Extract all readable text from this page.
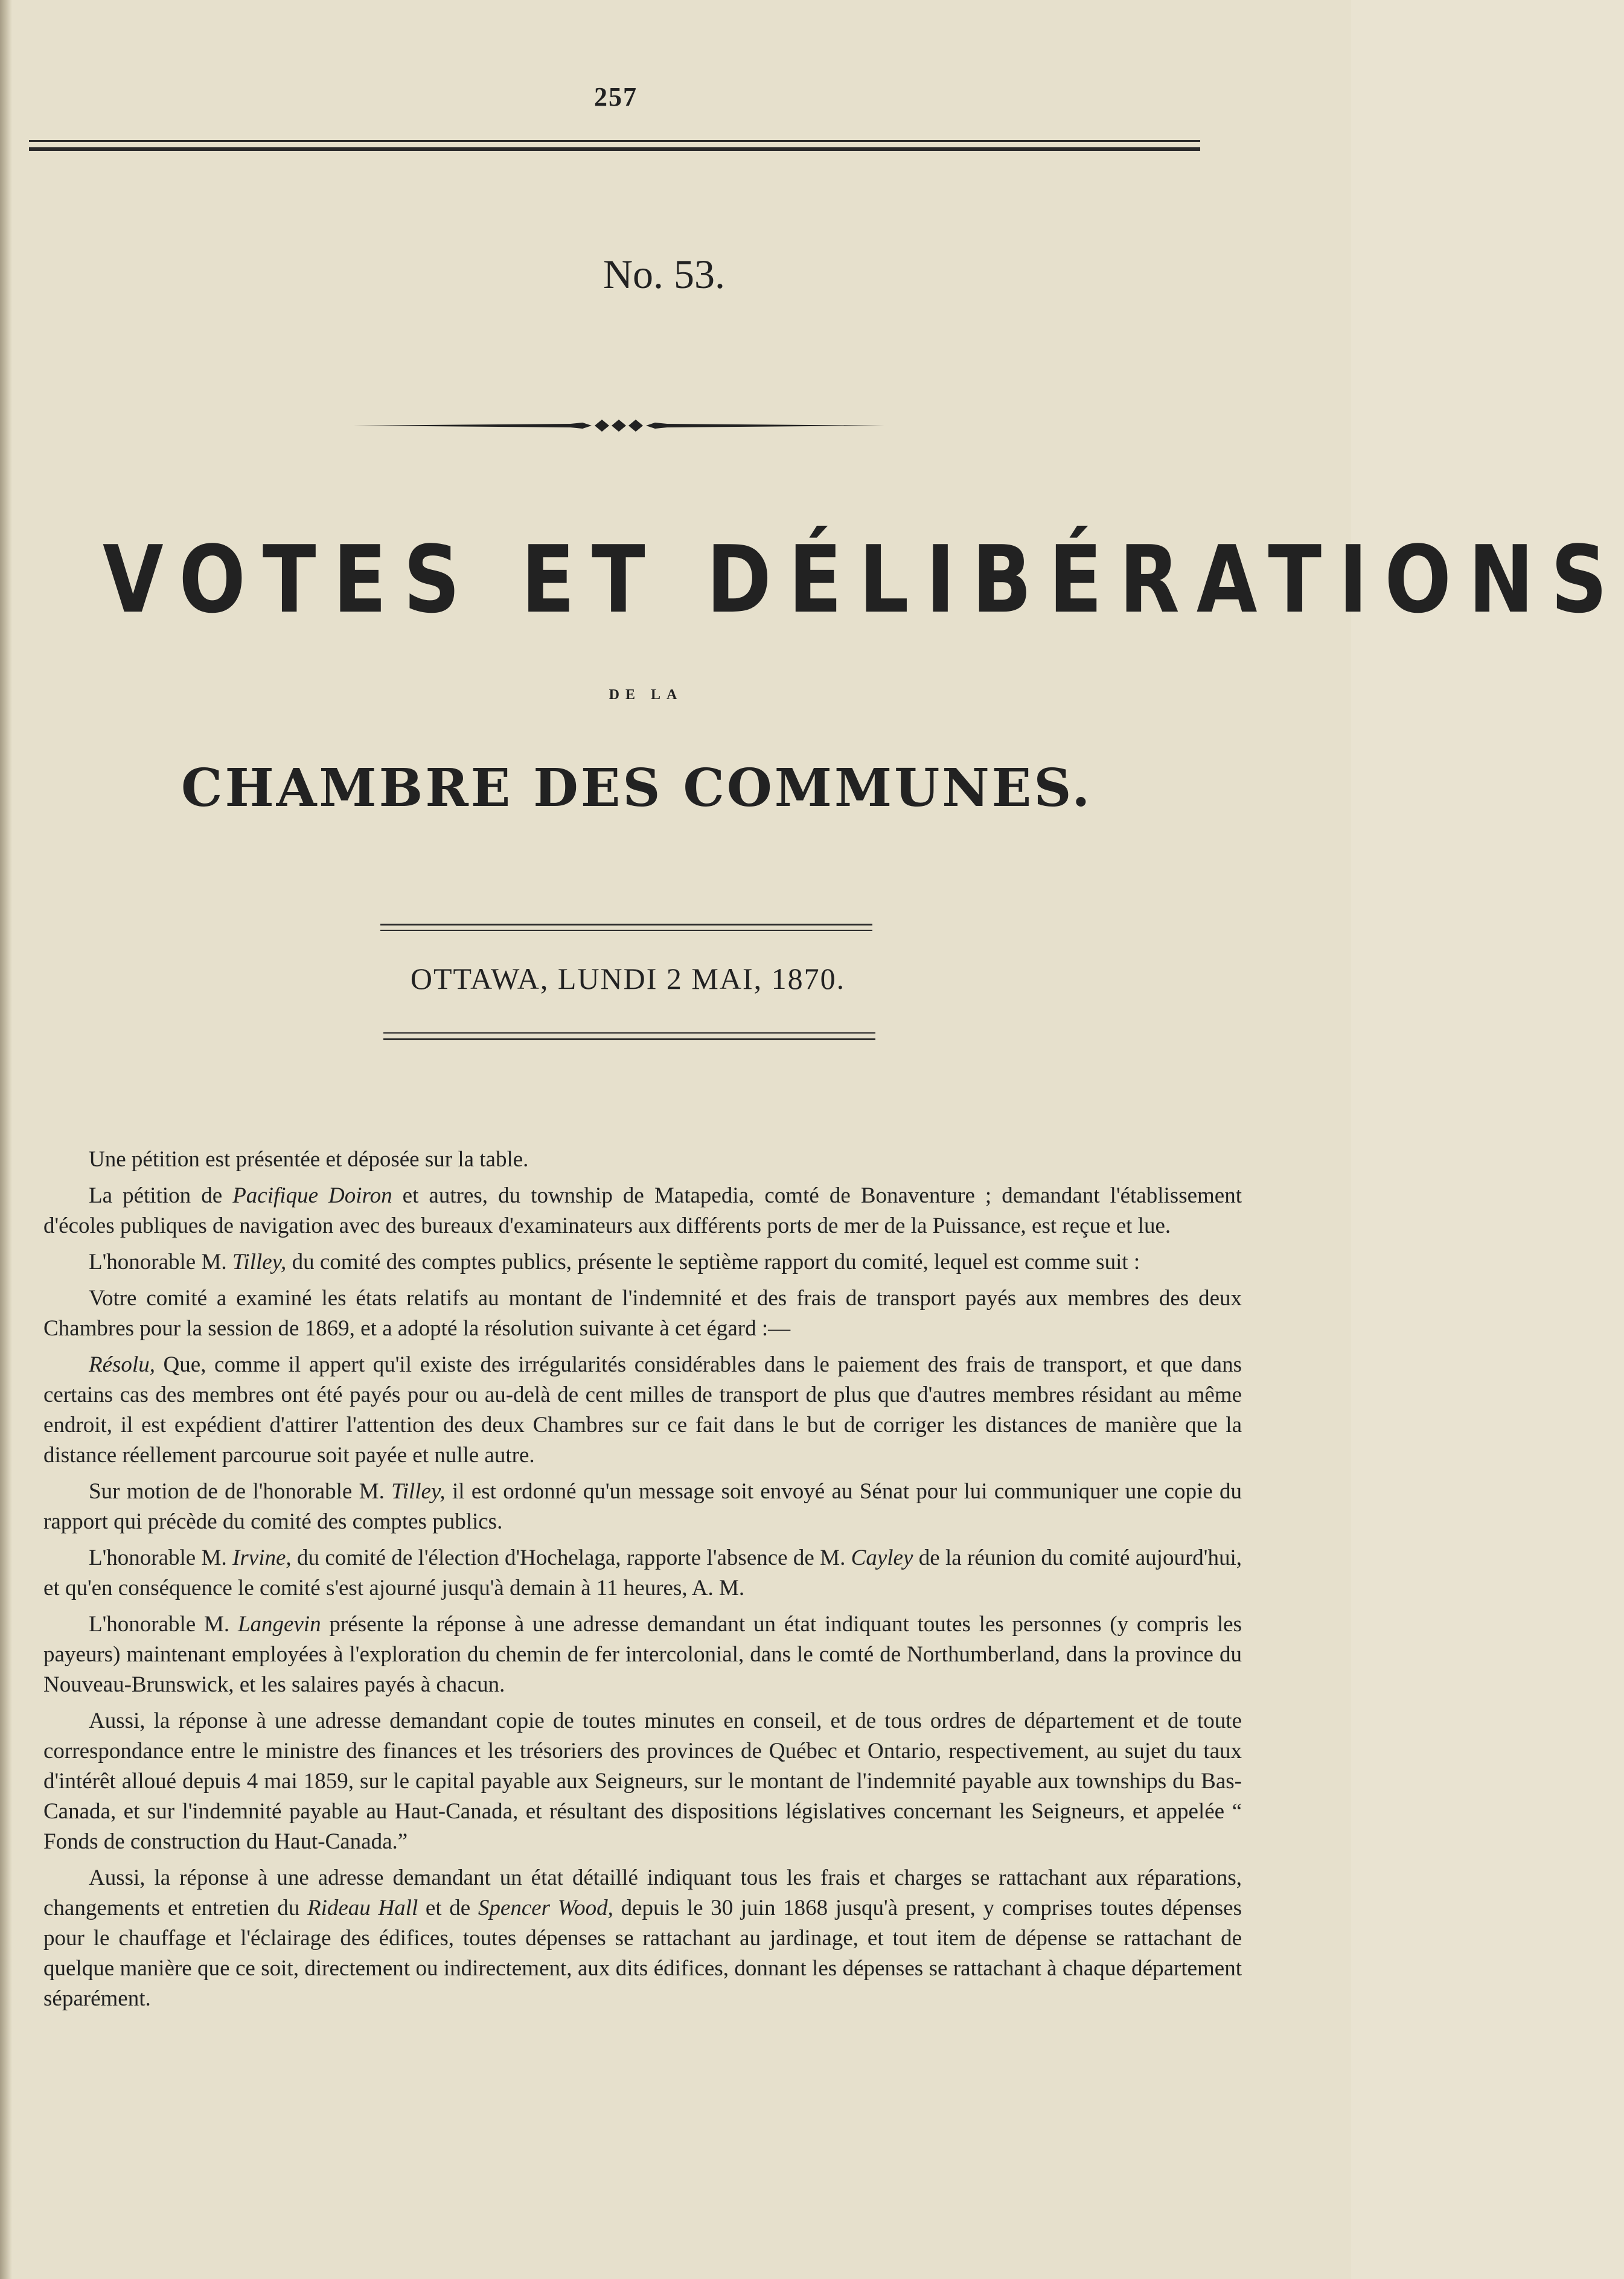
257
No. 53.
VOTES ET DÉLIBÉRATIONS
DE LA
CHAMBRE DES COMMUNES.
OTTAWA, LUNDI 2 MAI, 1870.

Une pétition est présentée et déposée sur la table.

La pétition de Pacifique Doiron et autres, du township de Matapedia, comté de Bonaventure ; demandant l'établissement d'écoles publiques de navigation avec des bureaux d'examinateurs aux différents ports de mer de la Puissance, est reçue et lue.

L'honorable M. Tilley, du comité des comptes publics, présente le septième rapport du comité, lequel est comme suit :

Votre comité a examiné les états relatifs au montant de l'indemnité et des frais de transport payés aux membres des deux Chambres pour la session de 1869, et a adopté la résolution suivante à cet égard :—

Résolu, Que, comme il appert qu'il existe des irrégularités considérables dans le paiement des frais de transport, et que dans certains cas des membres ont été payés pour ou au-delà de cent milles de transport de plus que d'autres membres résidant au même endroit, il est expédient d'attirer l'attention des deux Chambres sur ce fait dans le but de corriger les distances de manière que la distance réellement parcourue soit payée et nulle autre.

Sur motion de de l'honorable M. Tilley, il est ordonné qu'un message soit envoyé au Sénat pour lui communiquer une copie du rapport qui précède du comité des comptes publics.

L'honorable M. Irvine, du comité de l'élection d'Hochelaga, rapporte l'absence de M. Cayley de la réunion du comité aujourd'hui, et qu'en conséquence le comité s'est ajourné jusqu'à demain à 11 heures, A. M.

L'honorable M. Langevin présente la réponse à une adresse demandant un état indiquant toutes les personnes (y compris les payeurs) maintenant employées à l'exploration du chemin de fer intercolonial, dans le comté de Northumberland, dans la province du Nouveau-Brunswick, et les salaires payés à chacun.

Aussi, la réponse à une adresse demandant copie de toutes minutes en conseil, et de tous ordres de département et de toute correspondance entre le ministre des finances et les trésoriers des provinces de Québec et Ontario, respectivement, au sujet du taux d'intérêt alloué depuis 4 mai 1859, sur le capital payable aux Seigneurs, sur le montant de l'indemnité payable aux townships du Bas-Canada, et sur l'indemnité payable au Haut-Canada, et résultant des dispositions législatives concernant les Seigneurs, et appelée “ Fonds de construction du Haut-Canada.”

Aussi, la réponse à une adresse demandant un état détaillé indiquant tous les frais et charges se rattachant aux réparations, changements et entretien du Rideau Hall et de Spencer Wood, depuis le 30 juin 1868 jusqu'à present, y comprises toutes dépenses pour le chauffage et l'éclairage des édifices, toutes dépenses se rattachant au jardinage, et tout item de dépense se rattachant de quelque manière que ce soit, directement ou indirectement, aux dits édifices, donnant les dépenses se rattachant à chaque département séparément.
